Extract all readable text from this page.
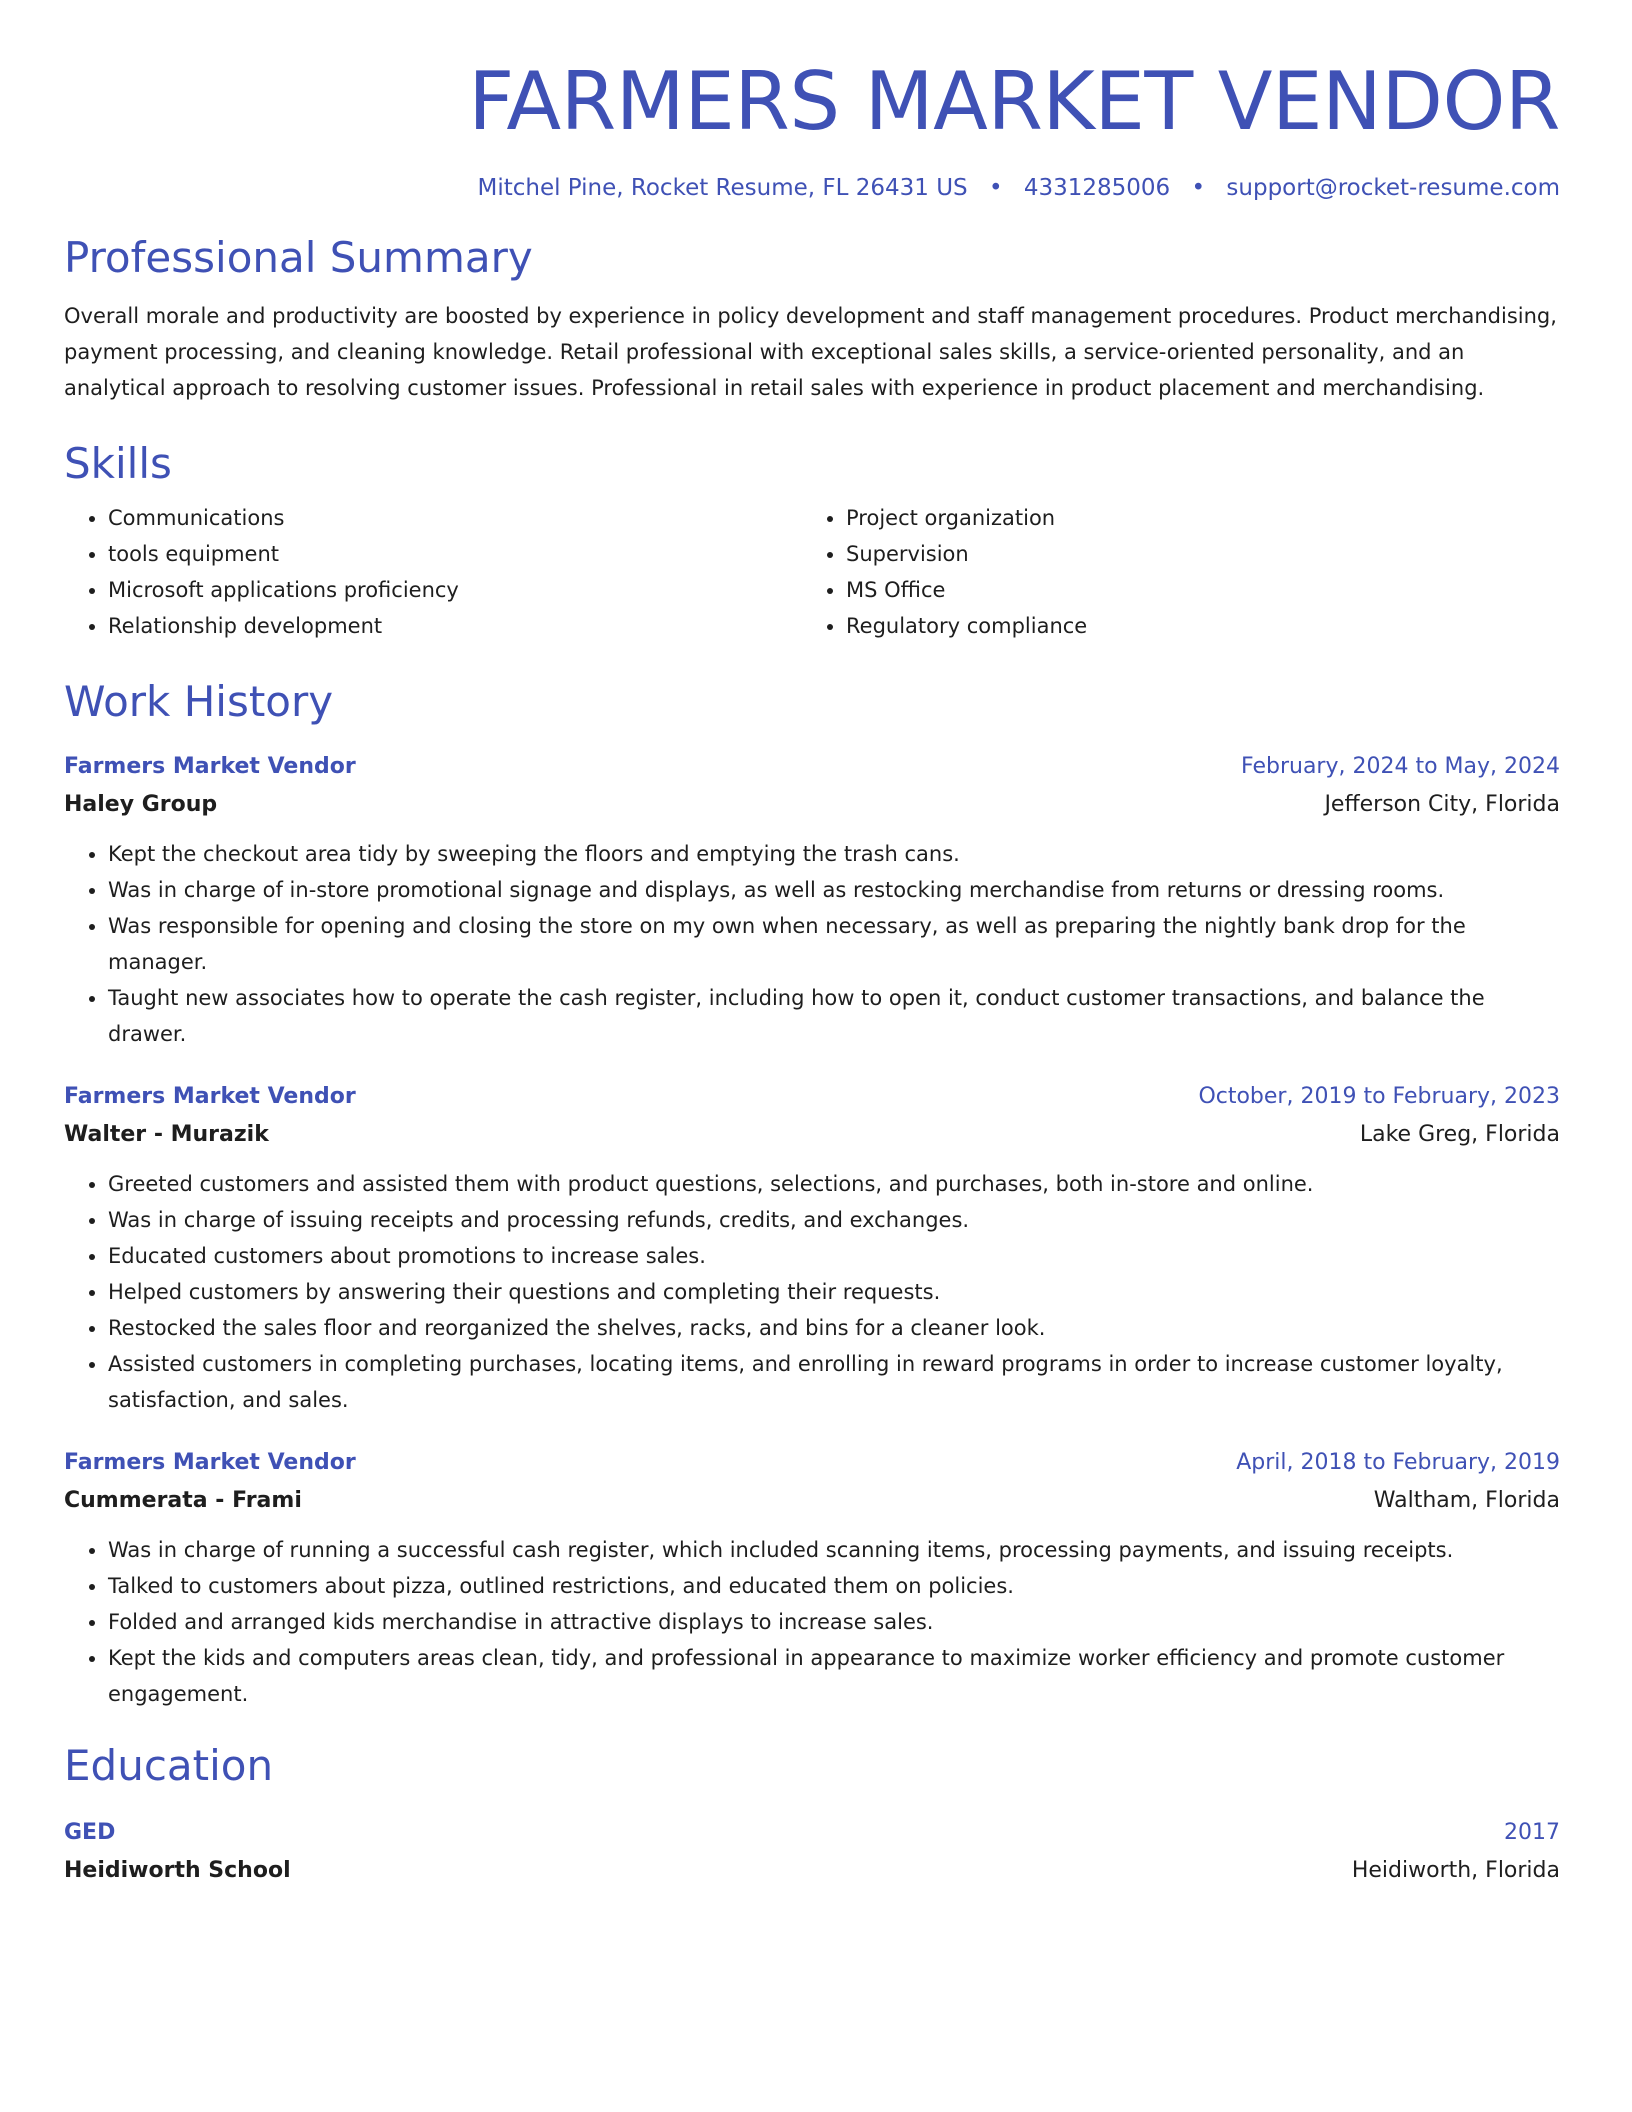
FARMERS MARKET VENDOR
Mitchel Pine, Rocket Resume, FL 26431 US • 4331285006 • support@rocket-resume.com
Professional Summary
Overall morale and productivity are boosted by experience in policy development and staff management procedures. Product merchandising, payment processing, and cleaning knowledge. Retail professional with exceptional sales skills, a service-oriented personality, and an analytical approach to resolving customer issues. Professional in retail sales with experience in product placement and merchandising.
Skills
• Communications
• tools equipment
• Microsoft applications proficiency
• Relationship development
• Project organization
• Supervision
• MS Office
• Regulatory compliance
Work History
Farmers Market Vendor	February, 2024 to May, 2024
Haley Group	Jefferson City, Florida
• Kept the checkout area tidy by sweeping the floors and emptying the trash cans.
• Was in charge of in-store promotional signage and displays, as well as restocking merchandise from returns or dressing rooms.
• Was responsible for opening and closing the store on my own when necessary, as well as preparing the nightly bank drop for the manager.
• Taught new associates how to operate the cash register, including how to open it, conduct customer transactions, and balance the drawer.
Farmers Market Vendor	October, 2019 to February, 2023
Walter - Murazik	Lake Greg, Florida
• Greeted customers and assisted them with product questions, selections, and purchases, both in-store and online.
• Was in charge of issuing receipts and processing refunds, credits, and exchanges.
• Educated customers about promotions to increase sales.
• Helped customers by answering their questions and completing their requests.
• Restocked the sales floor and reorganized the shelves, racks, and bins for a cleaner look.
• Assisted customers in completing purchases, locating items, and enrolling in reward programs in order to increase customer loyalty, satisfaction, and sales.
Farmers Market Vendor	April, 2018 to February, 2019
Cummerata - Frami	Waltham, Florida
• Was in charge of running a successful cash register, which included scanning items, processing payments, and issuing receipts.
• Talked to customers about pizza, outlined restrictions, and educated them on policies.
• Folded and arranged kids merchandise in attractive displays to increase sales.
• Kept the kids and computers areas clean, tidy, and professional in appearance to maximize worker efficiency and promote customer engagement.
Education
GED	2017
Heidiworth School	Heidiworth, Florida
